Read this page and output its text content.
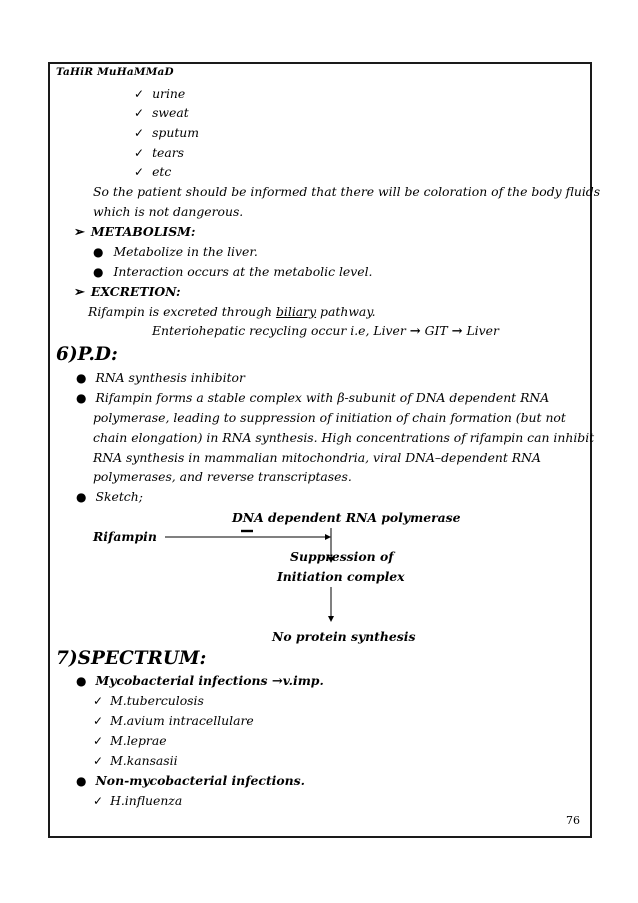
TaHiR MuHaMMaD
✓ urine
✓ sweat
✓ sputum
✓ tears
✓ etc
So the patient should be informed that there will be coloration of the body fluids
which is not dangerous.
➢ METABOLISM:
● Metabolize in the liver.
● Interaction occurs at the metabolic level.
➢ EXCRETION:
Rifampin is excreted through biliary pathway.
Enteriohepatic recycling occur i.e, Liver → GIT → Liver
6)P.D:
● RNA synthesis inhibitor
● Rifampin forms a stable complex with β-subunit of DNA dependent RNA
polymerase, leading to suppression of initiation of chain formation (but not
chain elongation) in RNA synthesis. High concentrations of rifampin can inhibit
RNA synthesis in mammalian mitochondria, viral DNA–dependent RNA
polymerases, and reverse transcriptases.
● Sketch;
DNA dependent RNA polymerase
Rifampin
Suppression of
Initiation complex
No protein synthesis
7)SPECTRUM:
● Mycobacterial infections →v.imp.
✓ M.tuberculosis
✓ M.avium intracellulare
✓ M.leprae
✓ M.kansasii
● Non-mycobacterial infections.
✓ H.influenza
76
